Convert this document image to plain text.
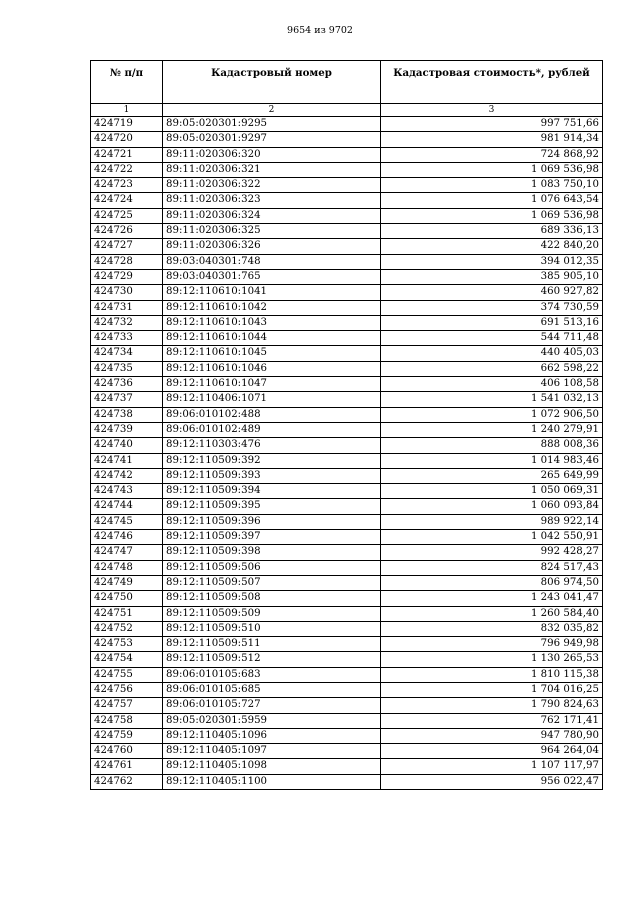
9654 из 9702
№ п/п	Кадастровый номер	Кадастровая стоимость*, рублей
1	2	3
424719	89:05:020301:9295	997 751,66
424720	89:05:020301:9297	981 914,34
424721	89:11:020306:320	724 868,92
424722	89:11:020306:321	1 069 536,98
424723	89:11:020306:322	1 083 750,10
424724	89:11:020306:323	1 076 643,54
424725	89:11:020306:324	1 069 536,98
424726	89:11:020306:325	689 336,13
424727	89:11:020306:326	422 840,20
424728	89:03:040301:748	394 012,35
424729	89:03:040301:765	385 905,10
424730	89:12:110610:1041	460 927,82
424731	89:12:110610:1042	374 730,59
424732	89:12:110610:1043	691 513,16
424733	89:12:110610:1044	544 711,48
424734	89:12:110610:1045	440 405,03
424735	89:12:110610:1046	662 598,22
424736	89:12:110610:1047	406 108,58
424737	89:12:110406:1071	1 541 032,13
424738	89:06:010102:488	1 072 906,50
424739	89:06:010102:489	1 240 279,91
424740	89:12:110303:476	888 008,36
424741	89:12:110509:392	1 014 983,46
424742	89:12:110509:393	265 649,99
424743	89:12:110509:394	1 050 069,31
424744	89:12:110509:395	1 060 093,84
424745	89:12:110509:396	989 922,14
424746	89:12:110509:397	1 042 550,91
424747	89:12:110509:398	992 428,27
424748	89:12:110509:506	824 517,43
424749	89:12:110509:507	806 974,50
424750	89:12:110509:508	1 243 041,47
424751	89:12:110509:509	1 260 584,40
424752	89:12:110509:510	832 035,82
424753	89:12:110509:511	796 949,98
424754	89:12:110509:512	1 130 265,53
424755	89:06:010105:683	1 810 115,38
424756	89:06:010105:685	1 704 016,25
424757	89:06:010105:727	1 790 824,63
424758	89:05:020301:5959	762 171,41
424759	89:12:110405:1096	947 780,90
424760	89:12:110405:1097	964 264,04
424761	89:12:110405:1098	1 107 117,97
424762	89:12:110405:1100	956 022,47
